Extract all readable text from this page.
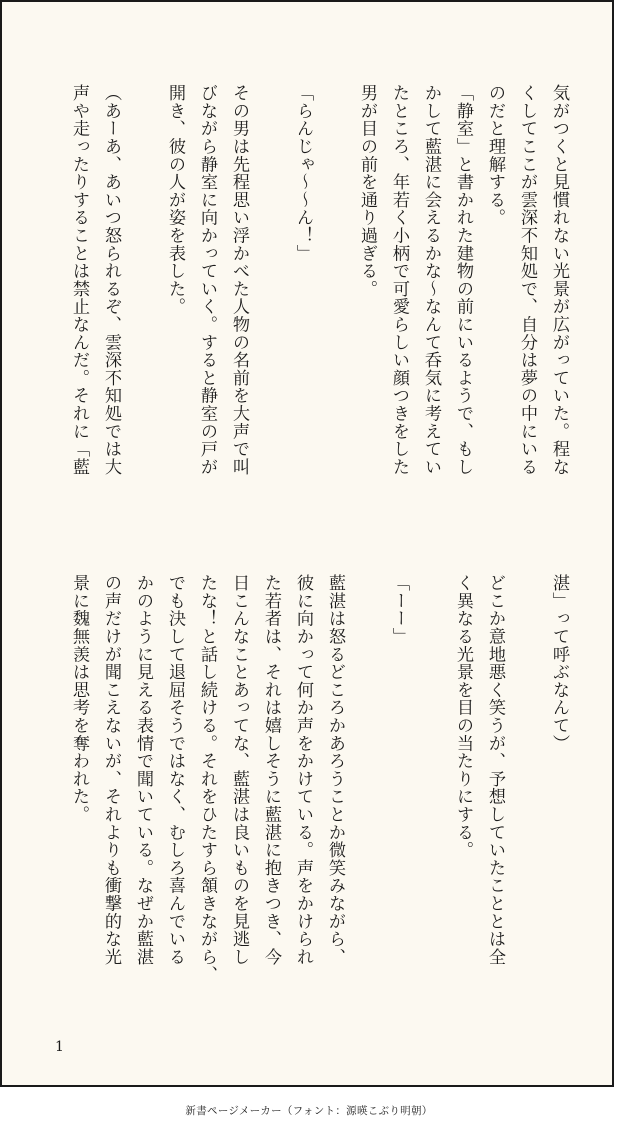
気がつくと見慣れない光景が広がっていた。程な
くしてここが雲深不知処で、自分は夢の中にいる
のだと理解する。
「静室」と書かれた建物の前にいるようで、もし
かして藍湛に会えるかな〜なんて呑気に考えてい
たところ、年若く小柄で可愛らしい顔つきをした
男が目の前を通り過ぎる。

「らんじゃ〜〜ん！」

その男は先程思い浮かべた人物の名前を大声で叫
びながら静室に向かっていく。すると静室の戸が
開き、彼の人が姿を表した。

（あーあ、あいつ怒られるぞ、雲深不知処では大
声や走ったりすることは禁止なんだ。それに「藍
湛」って呼ぶなんて）

どこか意地悪く笑うが、予想していたこととは全
く異なる光景を目の当たりにする。

「ーー」

藍湛は怒るどころかあろうことか微笑みながら、
彼に向かって何か声をかけている。声をかけられ
た若者は、それは嬉しそうに藍湛に抱きつき、今
日こんなことあってな、藍湛は良いものを見逃し
たな！と話し続ける。それをひたすら頷きながら、
でも決して退屈そうではなく、むしろ喜んでいる
かのように見える表情で聞いている。なぜか藍湛
の声だけが聞こえないが、それよりも衝撃的な光
景に魏無羡は思考を奪われた。
1
新書ページメーカー（フォント：源暎こぶり明朝）
